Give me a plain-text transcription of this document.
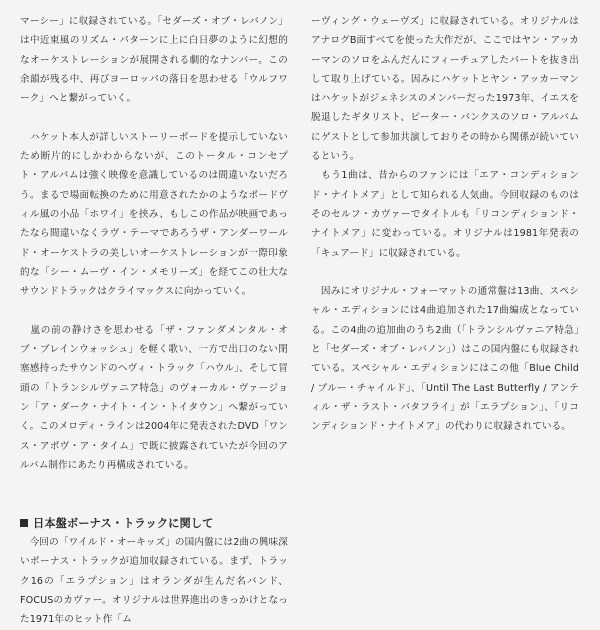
マーシー」に収録されている。「セダーズ・オブ・レバノン」は中近東風のリズム・パターンに上に白日夢のように幻想的なオーケストレーションが展開される劇的なナンバー。この余韻が残る中、再びヨーロッパの落日を思わせる「ウルフワーク」へと繋がっていく。

　ハケット本人が詳しいストーリーボードを提示していないため断片的にしかわからないが、このトータル・コンセプト・アルバムは強く映像を意識しているのは間違いないだろう。まるで場面転換のために用意されたかのようなボードヴィル風の小品「ホワイ」を挟み、もしこの作品が映画であったなら間違いなくラヴ・テーマであろうザ・アンダーワールド・オーケストラの美しいオーケストレーションが一際印象的な「シー・ムーヴ・イン・メモリーズ」を経てこの壮大なサウンドトラックはクライマックスに向かっていく。

　嵐の前の静けさを思わせる「ザ・ファンダメンタル・オブ・ブレインウォッシュ」を軽く歌い、一方で出口のない閉塞感持ったサウンドのヘヴィ・トラック「ハウル」、そして冒頭の「トランシルヴァニア特急」のヴォーカル・ヴァージョン「ア・ダーク・ナイト・イン・トイタウン」へ繋がっていく。このメロディ・ラインは2004年に発表されたDVD「ワンス・アボヴ・ア・タイム」で既に披露されていたが今回のアルバム制作にあたり再構成されている。

日本盤ボーナス・トラックに関して

　今回の「ワイルド・オーキッズ」の国内盤には2曲の興味深いボーナス・トラックが追加収録されている。まず、トラック16の「エラプション」はオランダが生んだ名バンド、FOCUSのカヴァー。オリジナルは世界進出のきっかけとなった1971年のヒット作「ム

ーヴィング・ウェーヴズ」に収録されている。オリジナルはアナログB面すべてを使った大作だが、ここではヤン・アッカーマンのソロをふんだんにフィーチュアしたパートを抜き出して取り上げている。因みにハケットとヤン・アッカーマンはハケットがジェネシスのメンバーだった1973年、イエスを脱退したギタリスト、ピーター・バンクスのソロ・アルバムにゲストとして参加共演しておりその時から関係が続いているという。

　もう1曲は、昔からのファンには「エア・コンディションド・ナイトメア」として知られる人気曲。今回収録のものはそのセルフ・カヴァーでタイトルも「リコンディションド・ナイトメア」に変わっている。オリジナルは1981年発表の「キュアード」に収録されている。

　因みにオリジナル・フォーマットの通常盤は13曲、スペシャル・エディションには4曲追加された17曲編成となっている。この4曲の追加曲のうち2曲（「トランシルヴァニア特急」と「セダーズ・オブ・レバノン」）はこの国内盤にも収録されている。スペシャル・エディションにはこの他「Blue Child / ブルー・チャイルド」、「Until The Last Butterfly / アンティル・ザ・ラスト・バタフライ」が「エラプション」、「リコンディションド・ナイトメア」の代わりに収録されている。
